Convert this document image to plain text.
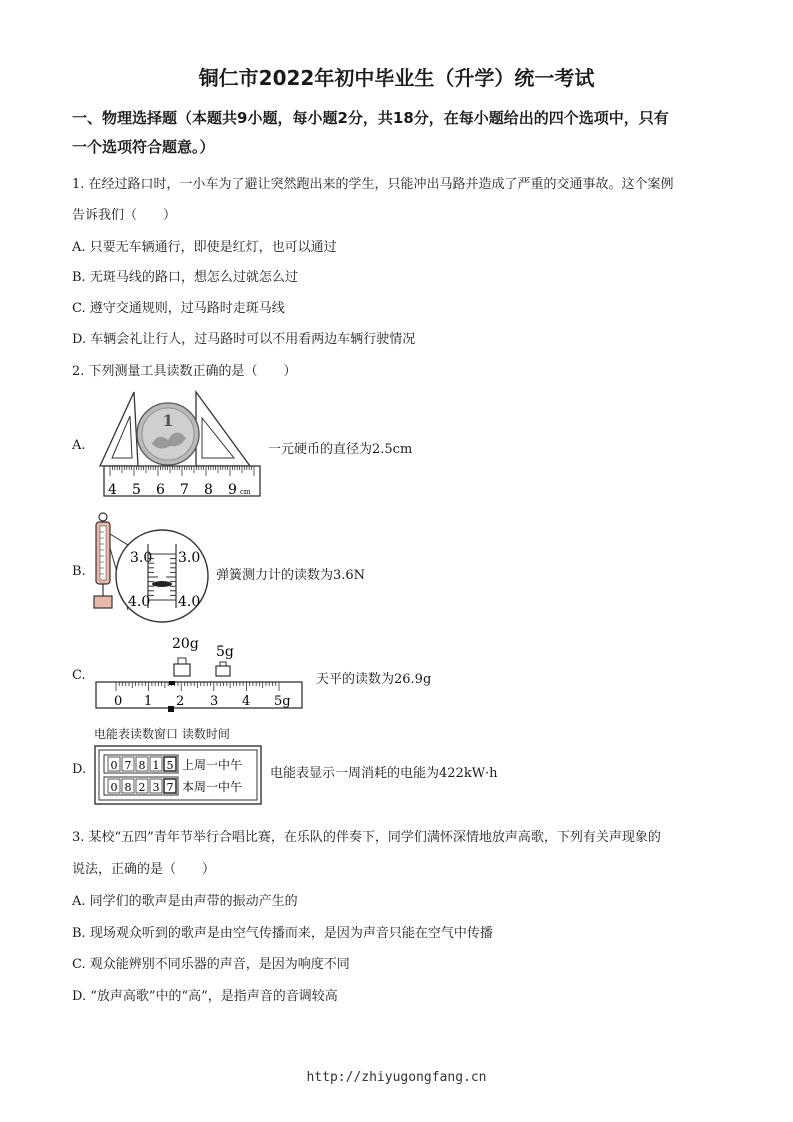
铜仁市2022年初中毕业生（升学）统一考试
一、物理选择题（本题共9小题，每小题2分，共18分，在每小题给出的四个选项中，只有
一个选项符合题意。）
1. 在经过路口时，一小车为了避让突然跑出来的学生，只能冲出马路并造成了严重的交通事故。这个案例
告诉我们（　　）
A. 只要无车辆通行，即使是红灯，也可以通过
B. 无斑马线的路口，想怎么过就怎么过
C. 遵守交通规则，过马路时走斑马线
D. 车辆会礼让行人，过马路时可以不用看两边车辆行驶情况
2. 下列测量工具读数正确的是（　　）
A.
1
4 5 6 7 8 9 cm
一元硬币的直径为2.5cm
B.
3.0
4.0
3.0
4.0
弹簧测力计的读数为3.6N
C.
20g 5g
0 1 2 3 4 5g
天平的读数为26.9g
电能表读数窗口 读数时间
D. 0 7 8 1 5 上周一中午
0 8 2 3 7 本周一中午
电能表显示一周消耗的电能为422kW·h
3. 某校“五四”青年节举行合唱比赛，在乐队的伴奏下，同学们满怀深情地放声高歌，下列有关声现象的
说法，正确的是（　　）
A. 同学们的歌声是由声带的振动产生的
B. 现场观众听到的歌声是由空气传播而来，是因为声音只能在空气中传播
C. 观众能辨别不同乐器的声音，是因为响度不同
D. “放声高歌”中的“高”，是指声音的音调较高
http://zhiyugongfang.cn
